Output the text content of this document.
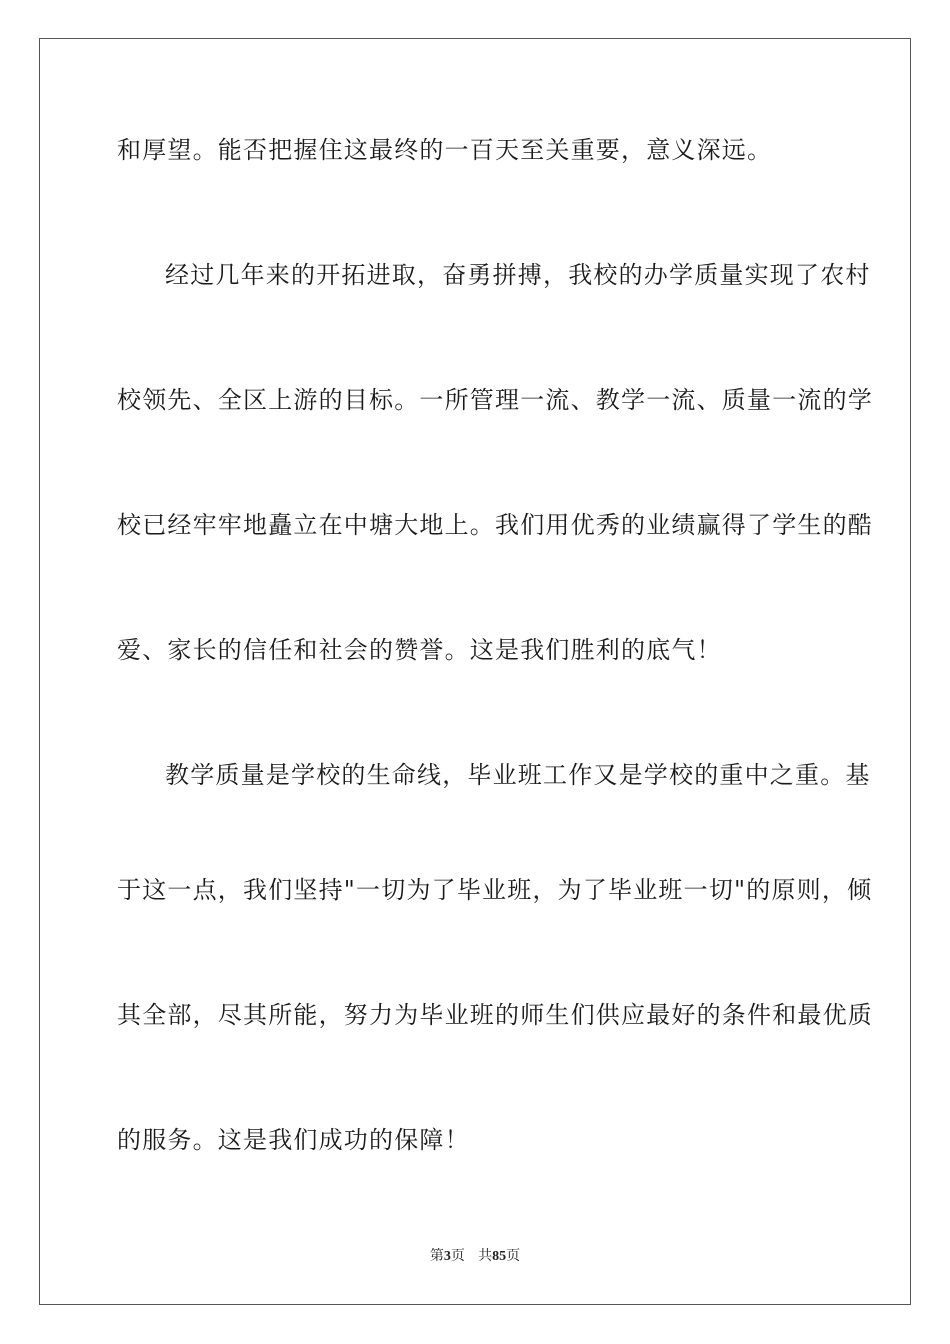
和厚望。能否把握住这最终的一百天至关重要，意义深远。
经过几年来的开拓进取，奋勇拼搏，我校的办学质量实现了农村
校领先、全区上游的目标。一所管理一流、教学一流、质量一流的学
校已经牢牢地矗立在中塘大地上。我们用优秀的业绩赢得了学生的酷
爱、家长的信任和社会的赞誉。这是我们胜利的底气！
教学质量是学校的生命线，毕业班工作又是学校的重中之重。基
于这一点，我们坚持"一切为了毕业班，为了毕业班一切"的原则，倾
其全部，尽其所能，努力为毕业班的师生们供应最好的条件和最优质
的服务。这是我们成功的保障！
第3页 共85页
